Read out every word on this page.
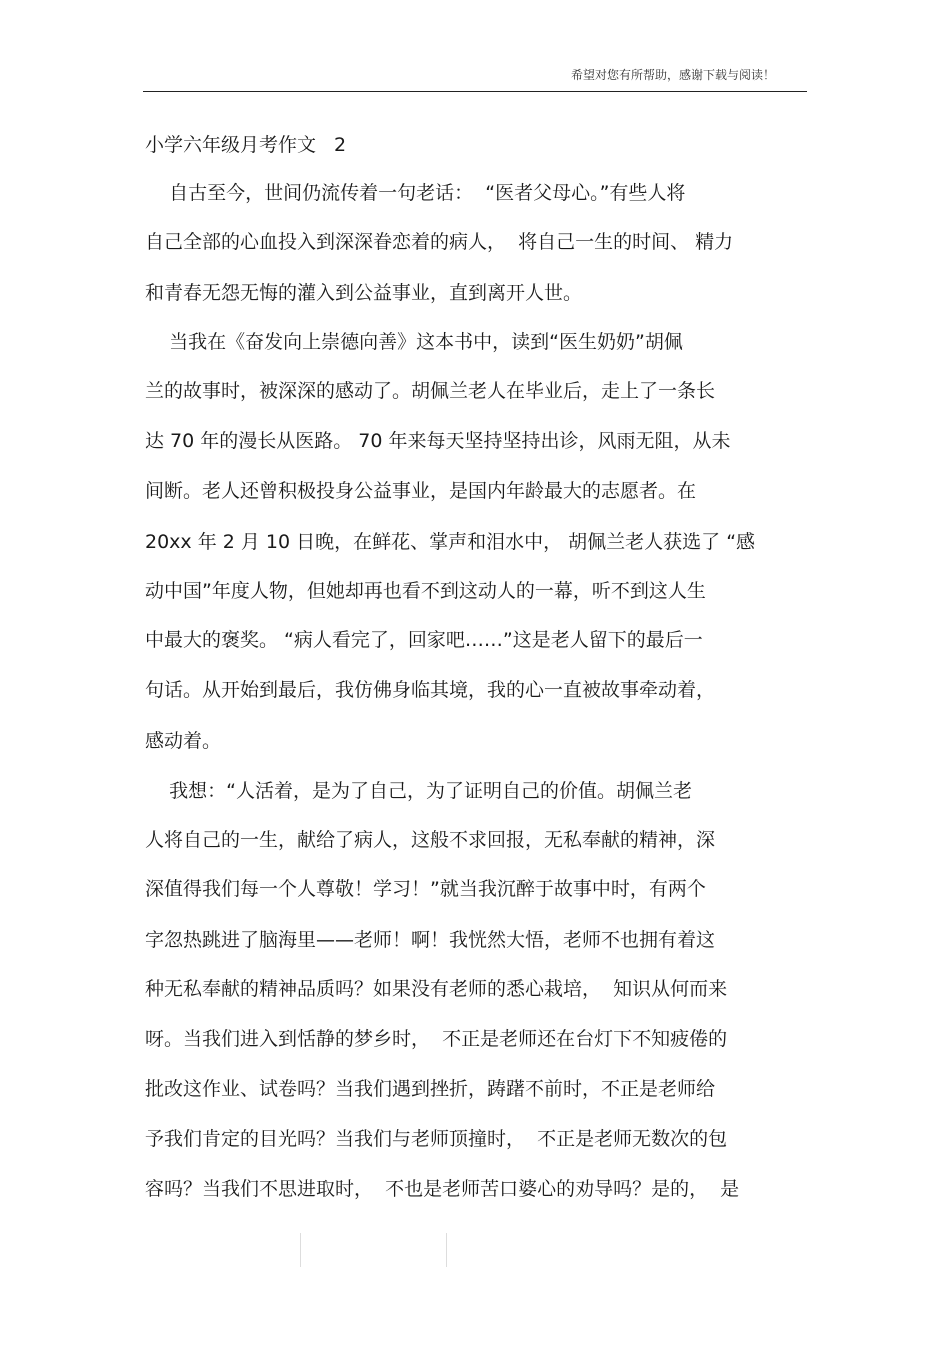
希望对您有所帮助，感谢下载与阅读！
小学六年级月考作文 2
自古至今，世间仍流传着一句老话：  “医者父母心。”有些人将
自己全部的心血投入到深深眷恋着的病人，  将自己一生的时间、 精力
和青春无怨无悔的灌入到公益事业，直到离开人世。
当我在《奋发向上崇德向善》这本书中，读到“医生奶奶”胡佩
兰的故事时，被深深的感动了。胡佩兰老人在毕业后，走上了一条长
达 70 年的漫长从医路。 70 年来每天坚持坚持出诊，风雨无阻，从未
间断。老人还曾积极投身公益事业，是国内年龄最大的志愿者。在
20xx 年 2 月 10 日晚，在鲜花、掌声和泪水中， 胡佩兰老人获选了 “感
动中国”年度人物，但她却再也看不到这动人的一幕，听不到这人生
中最大的褒奖。 “病人看完了，回家吧……”这是老人留下的最后一
句话。从开始到最后，我仿佛身临其境，我的心一直被故事牵动着，
感动着。
我想：“人活着，是为了自己，为了证明自己的价值。胡佩兰老
人将自己的一生，献给了病人，这般不求回报，无私奉献的精神，深
深值得我们每一个人尊敬！学习！”就当我沉醉于故事中时，有两个
字忽热跳进了脑海里——老师！啊！我恍然大悟，老师不也拥有着这
种无私奉献的精神品质吗？如果没有老师的悉心栽培，  知识从何而来
呀。当我们进入到恬静的梦乡时，  不正是老师还在台灯下不知疲倦的
批改这作业、试卷吗？当我们遇到挫折，踌躇不前时，不正是老师给
予我们肯定的目光吗？当我们与老师顶撞时，  不正是老师无数次的包
容吗？当我们不思进取时，  不也是老师苦口婆心的劝导吗？是的，  是
